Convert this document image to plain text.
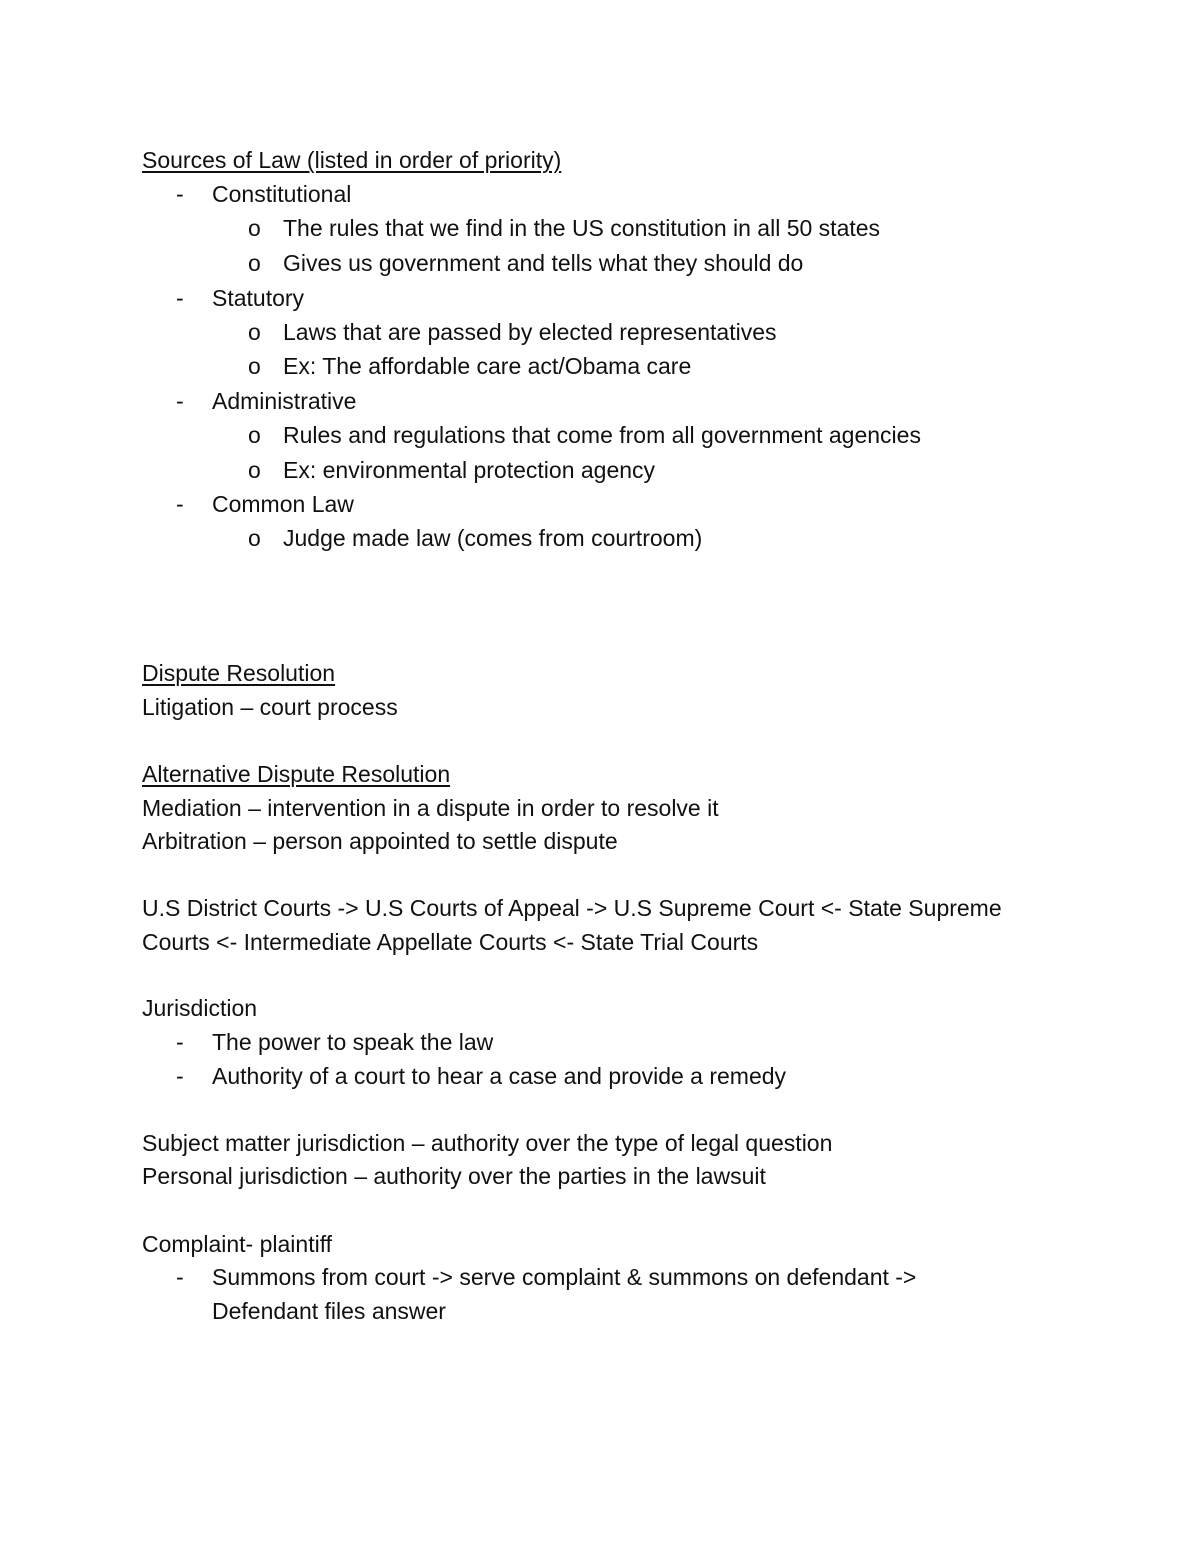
Sources of Law (listed in order of priority)
- Constitutional
o The rules that we find in the US constitution in all 50 states
o Gives us government and tells what they should do
- Statutory
o Laws that are passed by elected representatives
o Ex: The affordable care act/Obama care
- Administrative
o Rules and regulations that come from all government agencies
o Ex: environmental protection agency
- Common Law
o Judge made law (comes from courtroom)
Dispute Resolution
Litigation – court process
Alternative Dispute Resolution
Mediation – intervention in a dispute in order to resolve it
Arbitration – person appointed to settle dispute
U.S District Courts -> U.S Courts of Appeal -> U.S Supreme Court <- State Supreme
Courts <- Intermediate Appellate Courts <- State Trial Courts
Jurisdiction
- The power to speak the law
- Authority of a court to hear a case and provide a remedy
Subject matter jurisdiction – authority over the type of legal question
Personal jurisdiction – authority over the parties in the lawsuit
Complaint- plaintiff
- Summons from court -> serve complaint & summons on defendant ->
Defendant files answer
